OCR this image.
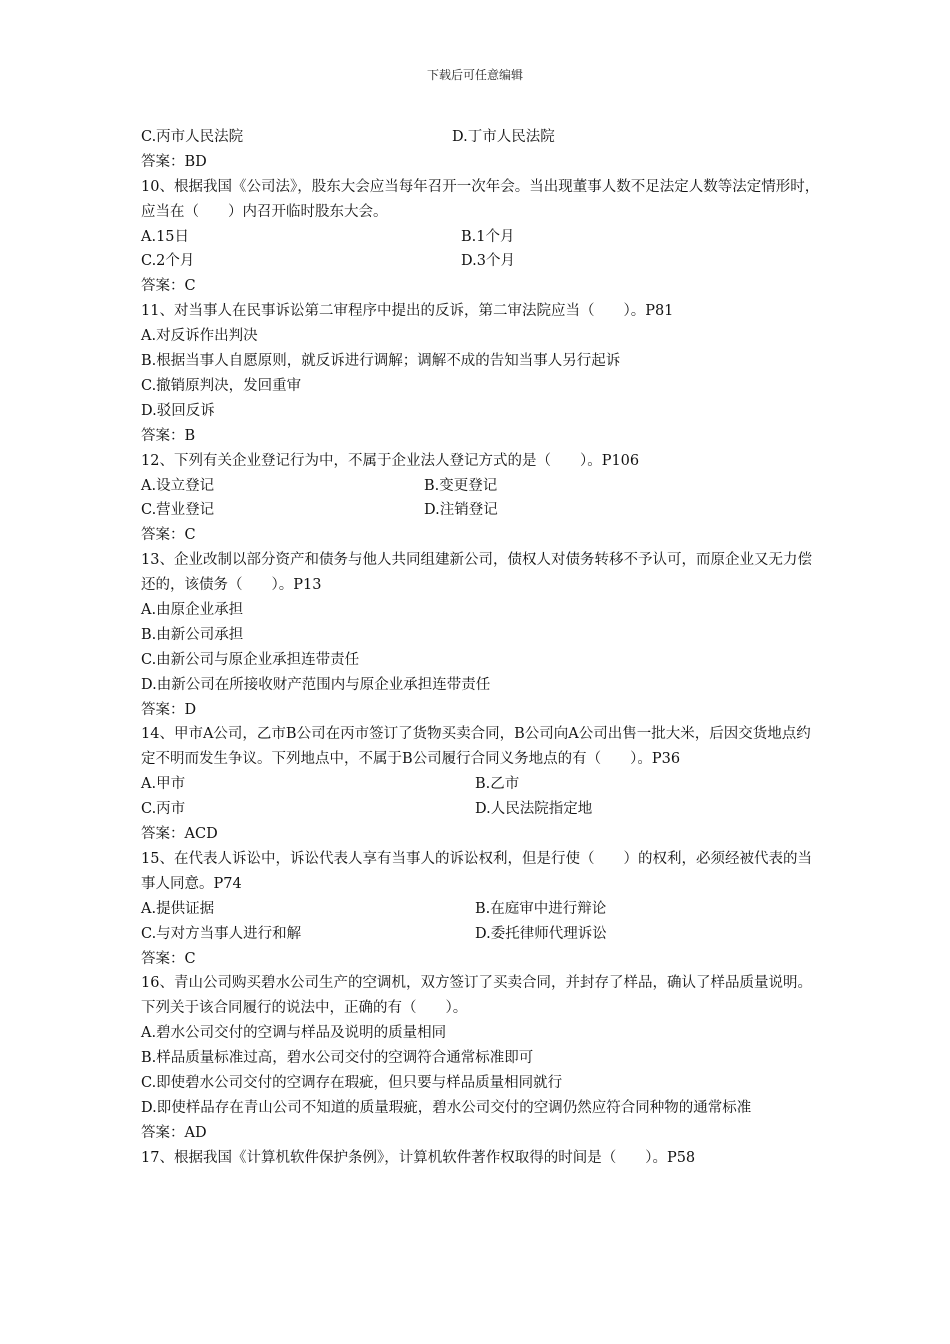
下载后可任意编辑
C.丙市人民法院	D.丁市人民法院
答案：BD
10、根据我国《公司法》，股东大会应当每年召开一次年会。当出现董事人数不足法定人数等法定情形时，应当在（　　）内召开临时股东大会。
A.15日	B.1个月
C.2个月	D.3个月
答案：C
11、对当事人在民事诉讼第二审程序中提出的反诉，第二审法院应当（　　）。P81
A.对反诉作出判决
B.根据当事人自愿原则，就反诉进行调解；调解不成的告知当事人另行起诉
C.撤销原判决，发回重审
D.驳回反诉
答案：B
12、下列有关企业登记行为中，不属于企业法人登记方式的是（　　）。P106
A.设立登记	B.变更登记
C.营业登记	D.注销登记
答案：C
13、企业改制以部分资产和债务与他人共同组建新公司，债权人对债务转移不予认可，而原企业又无力偿还的，该债务（　　）。P13
A.由原企业承担
B.由新公司承担
C.由新公司与原企业承担连带责任
D.由新公司在所接收财产范围内与原企业承担连带责任
答案：D
14、甲市A公司，乙市B公司在丙市签订了货物买卖合同，B公司向A公司出售一批大米，后因交货地点约定不明而发生争议。下列地点中，不属于B公司履行合同义务地点的有（　　）。P36
A.甲市	B.乙市
C.丙市	D.人民法院指定地
答案：ACD
15、在代表人诉讼中，诉讼代表人享有当事人的诉讼权利，但是行使（　　）的权利，必须经被代表的当事人同意。P74
A.提供证据	B.在庭审中进行辩论
C.与对方当事人进行和解	D.委托律师代理诉讼
答案：C
16、青山公司购买碧水公司生产的空调机，双方签订了买卖合同，并封存了样品，确认了样品质量说明。下列关于该合同履行的说法中，正确的有（　　）。
A.碧水公司交付的空调与样品及说明的质量相同
B.样品质量标准过高，碧水公司交付的空调符合通常标准即可
C.即使碧水公司交付的空调存在瑕疵，但只要与样品质量相同就行
D.即使样品存在青山公司不知道的质量瑕疵，碧水公司交付的空调仍然应符合同种物的通常标准
答案：AD
17、根据我国《计算机软件保护条例》，计算机软件著作权取得的时间是（　　）。P58
